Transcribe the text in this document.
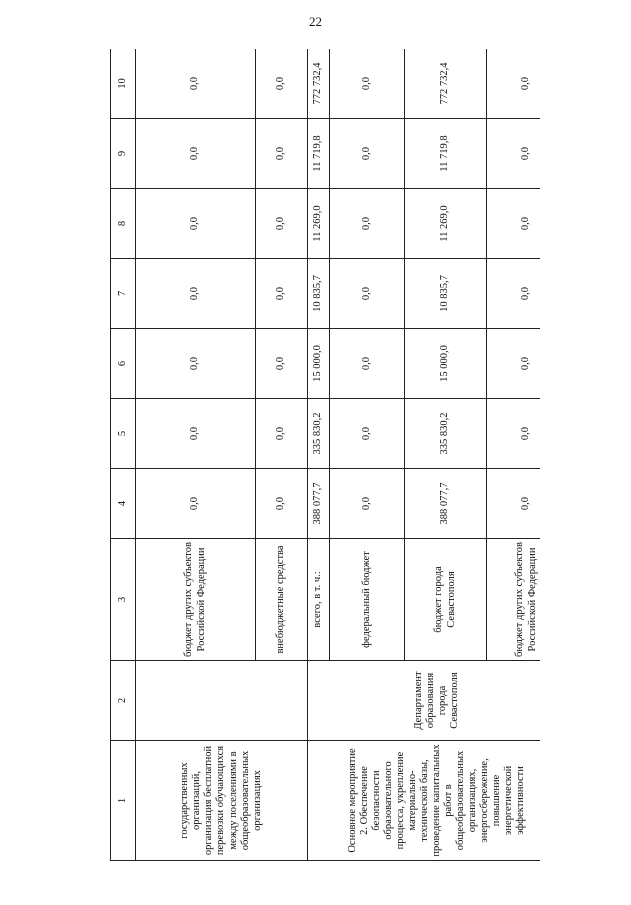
22
1	2	3	4	5	6	7	8	9	10
государственных организаций, организация бесплатной перевозки обучающихся между поселениями в общеобразовательных организациях		бюджет других субъектов Российской Федерации	0,0	0,0	0,0	0,0	0,0	0,0	0,0
		внебюджетные средства	0,0	0,0	0,0	0,0	0,0	0,0	0,0
Основное мероприятие 2. Обеспечение безопасности образовательного процесса, укрепление материально-технической базы, проведение капитальных работ в общеобразовательных организациях, энергосбережение, повышение энергетической эффективности	Департамент образования города Севастополя	всего, в т. ч.:	388 077,7	335 830,2	15 000,0	10 835,7	11 269,0	11 719,8	772 732,4
		федеральный бюджет	0,0	0,0	0,0	0,0	0,0	0,0	0,0
		бюджет города Севастополя	388 077,7	335 830,2	15 000,0	10 835,7	11 269,0	11 719,8	772 732,4
		бюджет других субъектов Российской Федерации	0,0	0,0	0,0	0,0	0,0	0,0	0,0
